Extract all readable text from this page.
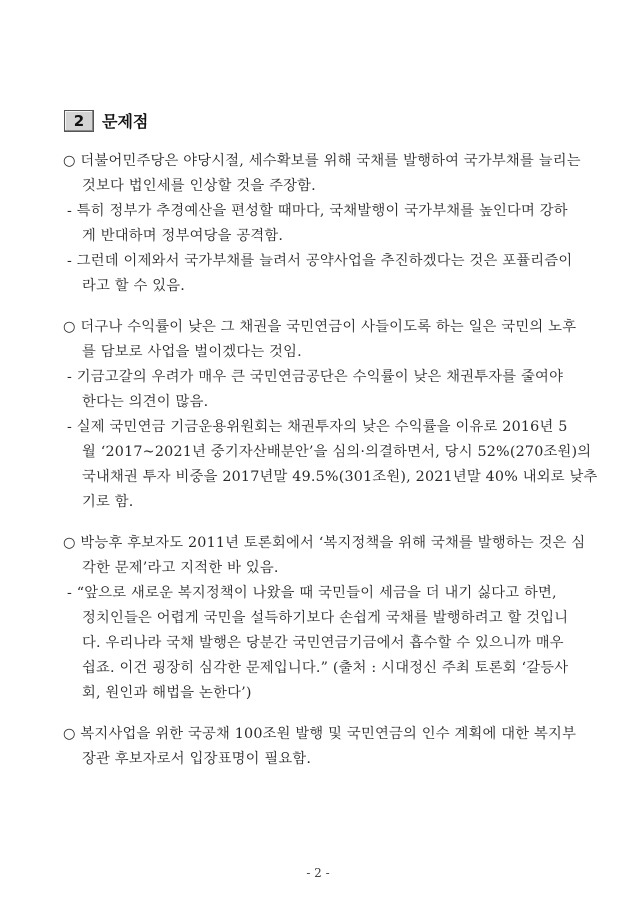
2	문제점
○ 더불어민주당은 야당시절, 세수확보를 위해 국채를 발행하여 국가부채를 늘리는
것보다 법인세를 인상할 것을 주장함.
- 특히 정부가 추경예산을 편성할 때마다, 국채발행이 국가부채를 높인다며 강하
게 반대하며 정부여당을 공격함.
- 그런데 이제와서 국가부채를 늘려서 공약사업을 추진하겠다는 것은 포퓰리즘이
라고 할 수 있음.
○ 더구나 수익률이 낮은 그 채권을 국민연금이 사들이도록 하는 일은 국민의 노후
를 담보로 사업을 벌이겠다는 것임.
- 기금고갈의 우려가 매우 큰 국민연금공단은 수익률이 낮은 채권투자를 줄여야
한다는 의견이 많음.
- 실제 국민연금 기금운용위원회는 채권투자의 낮은 수익률을 이유로 2016년 5
월 ‘2017~2021년 중기자산배분안’을 심의·의결하면서, 당시 52%(270조원)의
국내채권 투자 비중을 2017년말 49.5%(301조원), 2021년말 40% 내외로 낮추
기로 함.
○ 박능후 후보자도 2011년 토론회에서 ‘복지정책을 위해 국채를 발행하는 것은 심
각한 문제’라고 지적한 바 있음.
- “앞으로 새로운 복지정책이 나왔을 때 국민들이 세금을 더 내기 싫다고 하면,
정치인들은 어렵게 국민을 설득하기보다 손쉽게 국채를 발행하려고 할 것입니
다. 우리나라 국채 발행은 당분간 국민연금기금에서 흡수할 수 있으니까 매우
쉽죠. 이건 굉장히 심각한 문제입니다.” (출처 : 시대정신 주최 토론회 ‘갈등사
회, 원인과 해법을 논한다’)
○ 복지사업을 위한 국공채 100조원 발행 및 국민연금의 인수 계획에 대한 복지부
장관 후보자로서 입장표명이 필요함.
- 2 -
